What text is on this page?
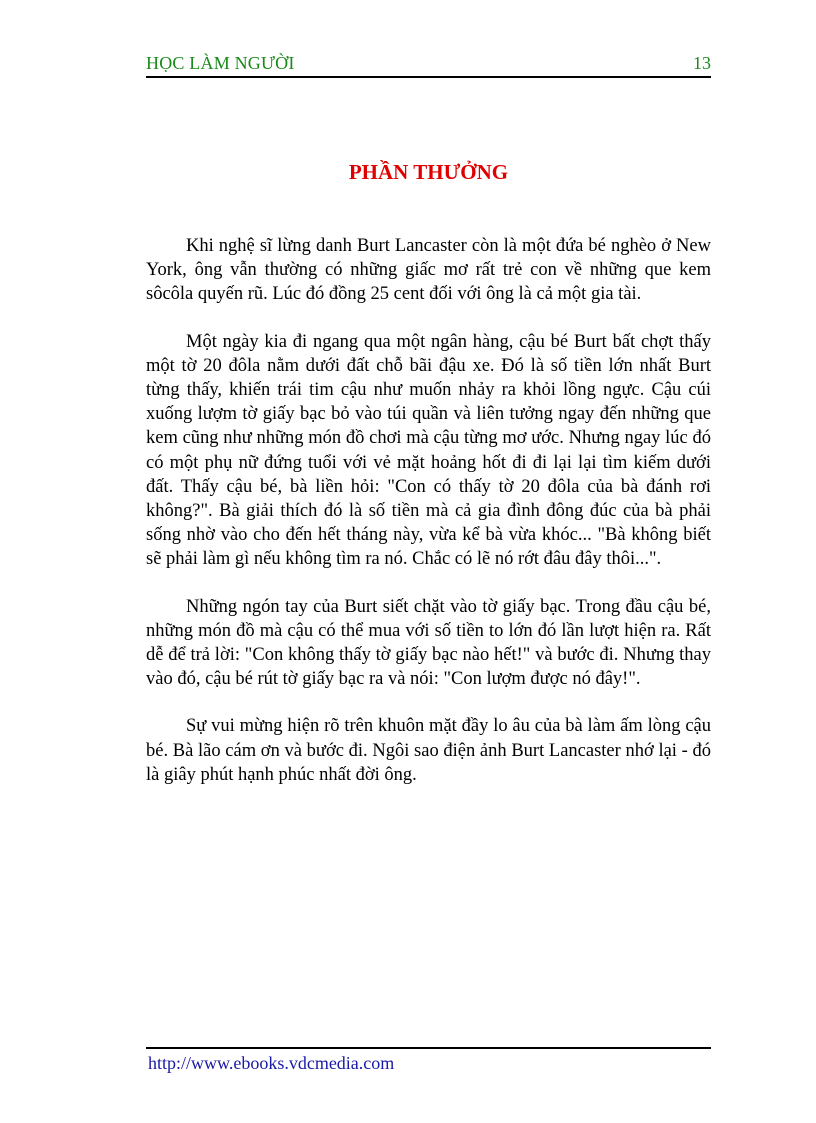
HỌC LÀM NGƯỜI	13
PHẦN THƯỞNG

Khi nghệ sĩ lừng danh Burt Lancaster còn là một đứa bé nghèo ở New York, ông vẫn thường có những giấc mơ rất trẻ con về những que kem sôcôla quyến rũ. Lúc đó đồng 25 cent đối với ông là cả một gia tài.

Một ngày kia đi ngang qua một ngân hàng, cậu bé Burt bất chợt thấy một tờ 20 đôla nằm dưới đất chỗ bãi đậu xe. Đó là số tiền lớn nhất Burt từng thấy, khiến trái tim cậu như muốn nhảy ra khỏi lồng ngực. Cậu cúi xuống lượm tờ giấy bạc bỏ vào túi quần và liên tưởng ngay đến những que kem cũng như những món đồ chơi mà cậu từng mơ ước. Nhưng ngay lúc đó có một phụ nữ đứng tuổi với vẻ mặt hoảng hốt đi đi lại lại tìm kiếm dưới đất. Thấy cậu bé, bà liền hỏi: "Con có thấy tờ 20 đôla của bà đánh rơi không?". Bà giải thích đó là số tiền mà cả gia đình đông đúc của bà phải sống nhờ vào cho đến hết tháng này, vừa kể bà vừa khóc... "Bà không biết sẽ phải làm gì nếu không tìm ra nó. Chắc có lẽ nó rớt đâu đây thôi...".

Những ngón tay của Burt siết chặt vào tờ giấy bạc. Trong đầu cậu bé, những món đồ mà cậu có thể mua với số tiền to lớn đó lần lượt hiện ra. Rất dễ để trả lời: "Con không thấy tờ giấy bạc nào hết!" và bước đi. Nhưng thay vào đó, cậu bé rút tờ giấy bạc ra và nói: "Con lượm được nó đây!".

Sự vui mừng hiện rõ trên khuôn mặt đầy lo âu của bà làm ấm lòng cậu bé. Bà lão cám ơn và bước đi. Ngôi sao điện ảnh Burt Lancaster nhớ lại - đó là giây phút hạnh phúc nhất đời ông.

http://www.ebooks.vdcmedia.com
